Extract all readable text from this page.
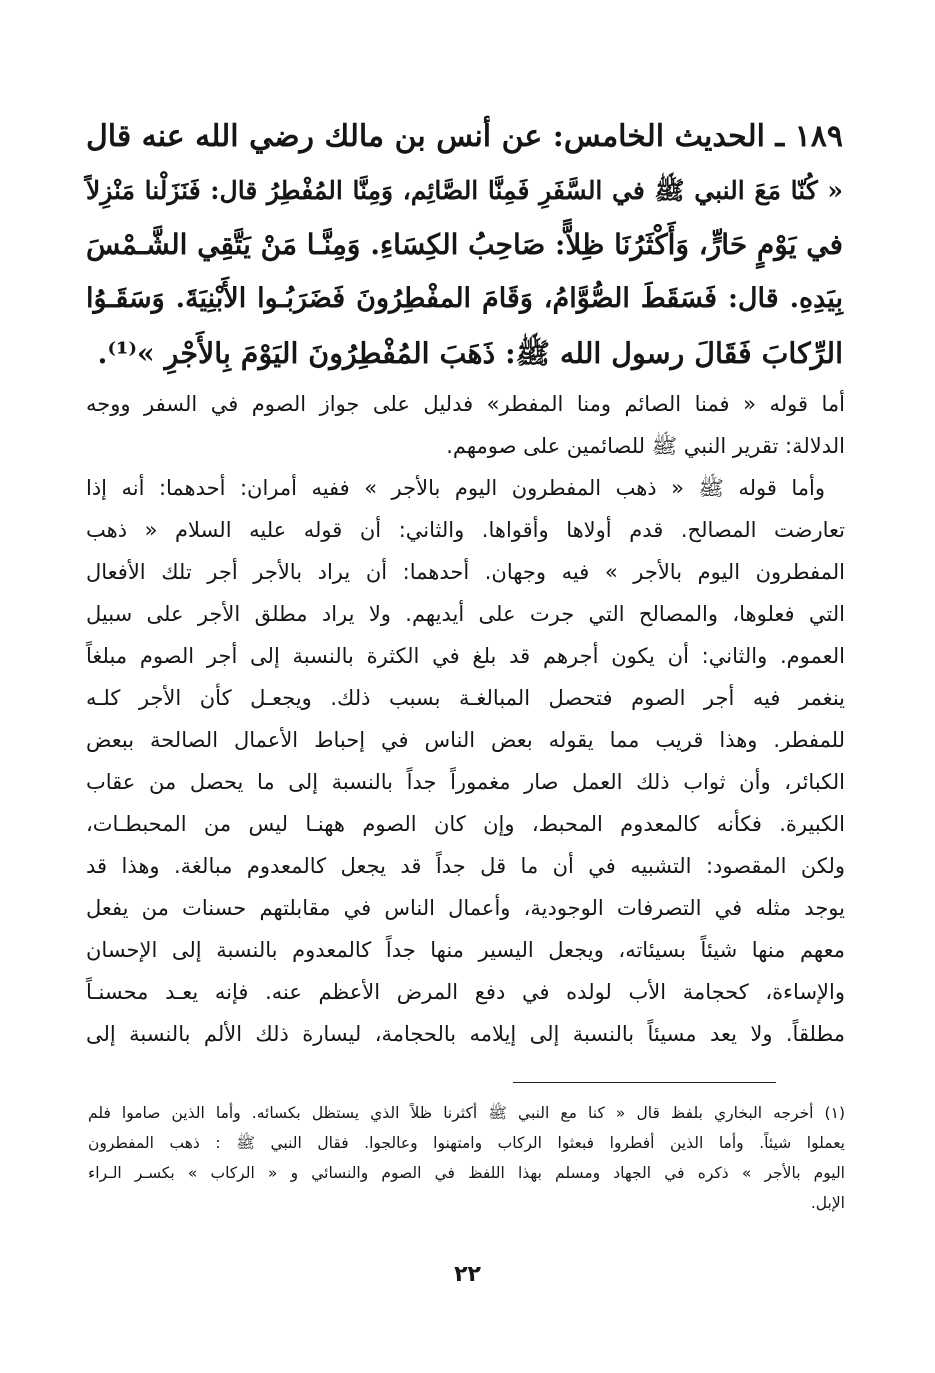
١٨٩ ـ الحديث الخامس: عن أنس بن مالك رضي الله عنه قال
« كُنّا مَعَ النبي ﷺ في السَّفَرِ فَمِنَّا الصَّائِم، وَمِنَّا المُفْطِرُ قال: فَنَزَلْنا مَنْزِلاً
في يَوْمٍ حَارٍّ، وَأَكْثَرُنَا ظِلاًّ: صَاحِبُ الكِسَاءِ. وَمِنَّـا مَنْ يَتَّقِي الشَّـمْسَ
بِيَدِهِ. قال: فَسَقَطَ الصُّوَّامُ، وَقَامَ المفْطِرُونَ فَضَرَبُـوا الأَبْنِيَةَ. وَسَقَـوُا
الرِّكابَ فَقَالَ رسول الله ﷺ: ذَهَبَ المُفْطِرُونَ اليَوْمَ بِالأَجْرِ »⁽¹⁾.
أما قوله « فمنا الصائم ومنا المفطر» فدليل على جواز الصوم في السفر ووجه
الدلالة: تقرير النبي ﷺ للصائمين على صومهم.
وأما قوله ﷺ « ذهب المفطرون اليوم بالأجر » ففيه أمران: أحدهما: أنه إذا
تعارضت المصالح. قدم أولاها وأقواها. والثاني: أن قوله عليه السلام « ذهب
المفطرون اليوم بالأجر » فيه وجهان. أحدهما: أن يراد بالأجر أجر تلك الأفعال
التي فعلوها، والمصالح التي جرت على أيديهم. ولا يراد مطلق الأجر على سبيل
العموم. والثاني: أن يكون أجرهم قد بلغ في الكثرة بالنسبة إلى أجر الصوم مبلغاً
ينغمر فيه أجر الصوم فتحصل المبالغـة بسبب ذلك. ويجعـل كأن الأجر كلـه
للمفطر. وهذا قريب مما يقوله بعض الناس في إحباط الأعمال الصالحة ببعض
الكبائر، وأن ثواب ذلك العمل صار مغموراً جداً بالنسبة إلى ما يحصل من عقاب
الكبيرة. فكأنه كالمعدوم المحبط، وإن كان الصوم ههنـا ليس من المحبطـات،
ولكن المقصود: التشبيه في أن ما قل جداً قد يجعل كالمعدوم مبالغة. وهذا قد
يوجد مثله في التصرفات الوجودية، وأعمال الناس في مقابلتهم حسنات من يفعل
معهم منها شيئاً بسيئاته، ويجعل اليسير منها جداً كالمعدوم بالنسبة إلى الإحسان
والإساءة، كحجامة الأب لولده في دفع المرض الأعظم عنه. فإنه يعـد محسنـاً
مطلقاً. ولا يعد مسيئاً بالنسبة إلى إيلامه بالحجامة، ليسارة ذلك الألم بالنسبة إلى
(١) أخرجه البخاري بلفظ قال « كنا مع النبي ﷺ أكثرنا ظلاً الذي يستظل بكسائه. وأما الذين صاموا فلم
يعملوا شيئاً. وأما الذين أفطروا فبعثوا الركاب وامتهنوا وعالجوا. فقال النبي ﷺ : ذهب المفطرون
اليوم بالأجر » ذكره في الجهاد ومسلم بهذا اللفظ في الصوم والنسائي و « الركاب » بكسـر الـراء
الإبل.
٢٢
